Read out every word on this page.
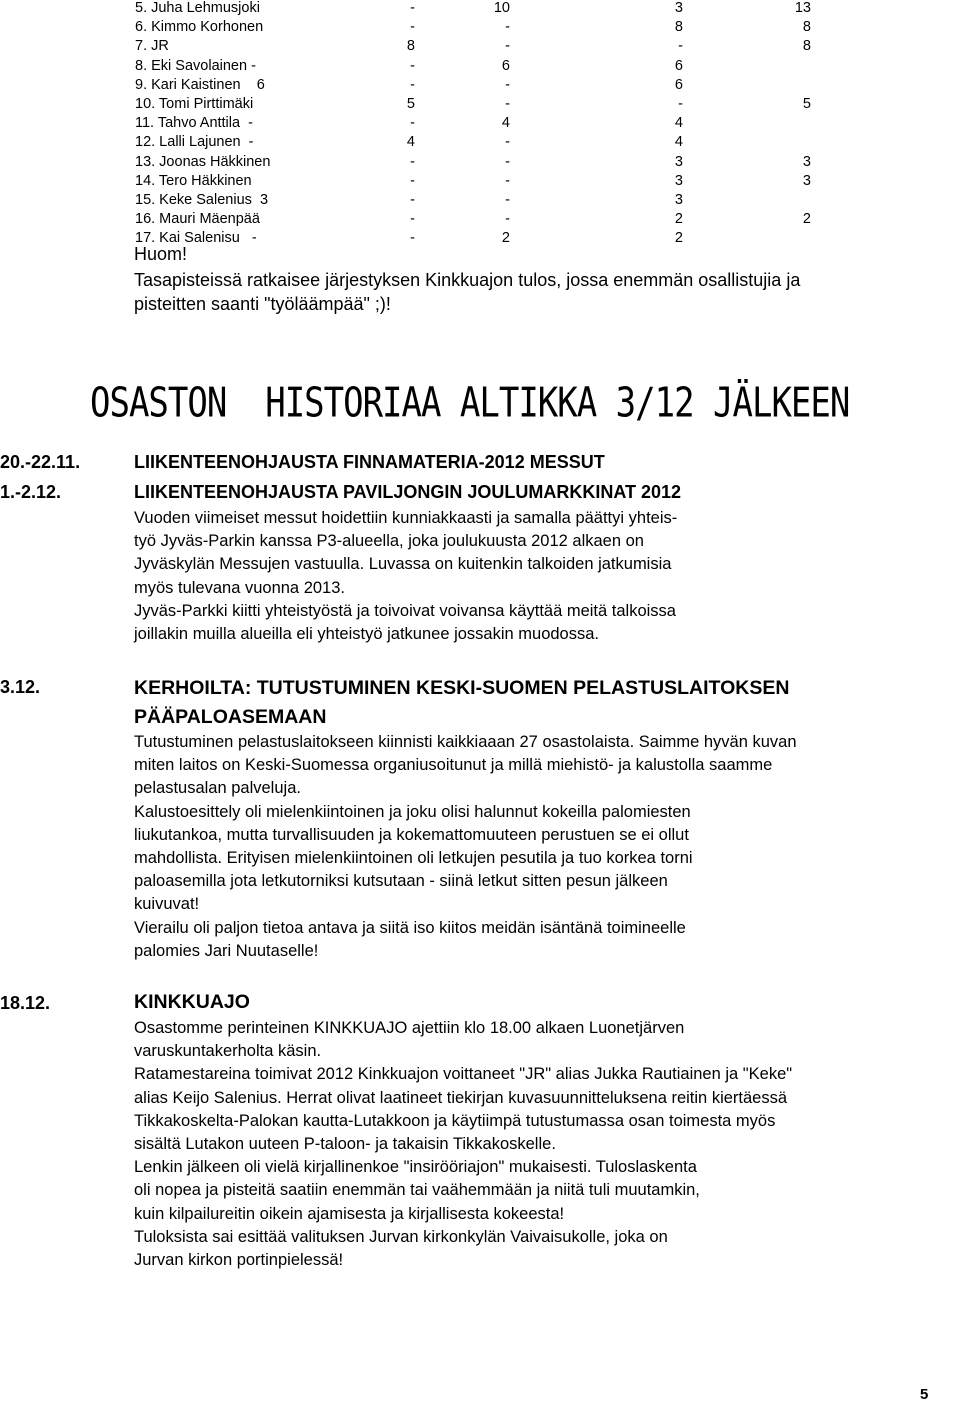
5. Juha Lehmusjoki	-	10	3	13
6. Kimmo Korhonen	-	-	8	8
7. JR	8	-	-	8
8. Eki Savolainen -	-	6	6
9. Kari Kaistinen    6	-	-	6
10. Tomi Pirttimäki	5	-	-	5
11. Tahvo Anttila  -	-	4	4
12. Lalli Lajunen  -	4	-	4
13. Joonas Häkkinen	-	-	3	3
14. Tero Häkkinen	-	-	3	3
15. Keke Salenius  3	-	-	3
16. Mauri Mäenpää	-	-	2	2
17. Kai Salenisu   -	-	2	2
Huom!
Tasapisteissä ratkaisee järjestyksen Kinkkuajon tulos, jossa enemmän osallistujia ja
pisteitten saanti "työläämpää" ;)!
OSASTON  HISTORIAA ALTIKKA 3/12 JÄLKEEN
20.-22.11.	LIIKENTEENOHJAUSTA FINNAMATERIA-2012 MESSUT
1.-2.12.	LIIKENTEENOHJAUSTA PAVILJONGIN JOULUMARKKINAT 2012
Vuoden viimeiset messut hoidettiin kunniakkaasti ja samalla päättyi yhteis-
työ Jyväs-Parkin kanssa P3-alueella, joka joulukuusta 2012 alkaen on
Jyväskylän Messujen vastuulla. Luvassa on kuitenkin talkoiden jatkumisia
myös tulevana vuonna 2013.
Jyväs-Parkki kiitti yhteistyöstä ja toivoivat voivansa käyttää meitä talkoissa
joillakin muilla alueilla eli yhteistyö jatkunee jossakin muodossa.
3.12.	KERHOILTA: TUTUSTUMINEN KESKI-SUOMEN PELASTUSLAITOKSEN
PÄÄPALOASEMAAN
Tutustuminen pelastuslaitokseen kiinnisti kaikkiaaan 27 osastolaista. Saimme hyvän kuvan
miten laitos on Keski-Suomessa organiusoitunut ja millä miehistö- ja kalustolla saamme
pelastusalan palveluja.
Kalustoesittely oli mielenkiintoinen ja joku olisi halunnut kokeilla palomiesten
liukutankoa, mutta turvallisuuden ja kokemattomuuteen perustuen se ei ollut
mahdollista. Erityisen mielenkiintoinen oli letkujen pesutila ja tuo korkea torni
paloasemilla jota letkutorniksi kutsutaan - siinä letkut sitten pesun jälkeen
kuivuvat!
Vierailu oli paljon tietoa antava ja siitä iso kiitos meidän isäntänä toimineelle
palomies Jari Nuutaselle!
18.12.	KINKKUAJO
Osastomme perinteinen KINKKUAJO ajettiin klo 18.00 alkaen Luonetjärven
varuskuntakerholta käsin.
Ratamestareina toimivat 2012 Kinkkuajon voittaneet "JR" alias Jukka Rautiainen ja "Keke"
alias Keijo Salenius. Herrat olivat laatineet tiekirjan kuvasuunnitteluksena reitin kiertäessä
Tikkakoskelta-Palokan kautta-Lutakkoon ja käytiimpä tutustumassa osan toimesta myös
sisältä Lutakon uuteen P-taloon- ja takaisin Tikkakoskelle.
Lenkin jälkeen oli vielä kirjallinenkoe "insirööriajon" mukaisesti. Tuloslaskenta
oli nopea ja pisteitä saatiin enemmän tai vaähemmään ja niitä tuli muutamkin,
kuin kilpailureitin oikein ajamisesta ja kirjallisesta kokeesta!
Tuloksista sai esittää valituksen Jurvan kirkonkylän Vaivaisukolle, joka on
Jurvan kirkon portinpielessä!
5
